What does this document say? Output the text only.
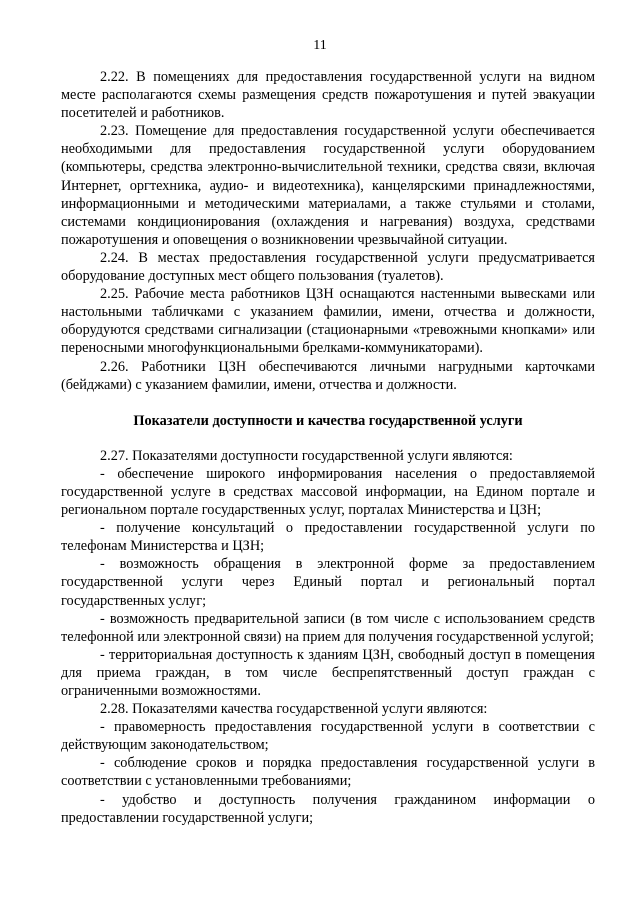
11

2.22. В помещениях для предоставления государственной услуги на видном месте располагаются схемы размещения средств пожаротушения и путей эвакуации посетителей и работников.

2.23. Помещение для предоставления государственной услуги обеспечивается необходимыми для предоставления государственной услуги оборудованием (компьютеры, средства электронно-вычислительной техники, средства связи, включая Интернет, оргтехника, аудио- и видеотехника), канцелярскими принадлежностями, информационными и методическими материалами, а также стульями и столами, системами кондиционирования (охлаждения и нагревания) воздуха, средствами пожаротушения и оповещения о возникновении чрезвычайной ситуации.

2.24. В местах предоставления государственной услуги предусматривается оборудование доступных мест общего пользования (туалетов).

2.25. Рабочие места работников ЦЗН оснащаются настенными вывесками или настольными табличками с указанием фамилии, имени, отчества и должности, оборудуются средствами сигнализации (стационарными «тревожными кнопками» или переносными многофункциональными брелками-коммуникаторами).

2.26. Работники ЦЗН обеспечиваются личными нагрудными карточками (бейджами) с указанием фамилии, имени, отчества и должности.

Показатели доступности и качества государственной услуги

2.27. Показателями доступности государственной услуги являются:

- обеспечение широкого информирования населения о предоставляемой государственной услуге в средствах массовой информации, на Едином портале и региональном портале государственных услуг, порталах Министерства и ЦЗН;

- получение консультаций о предоставлении государственной услуги по телефонам Министерства и ЦЗН;

- возможность обращения в электронной форме за предоставлением государственной услуги через Единый портал и региональный портал государственных услуг;

- возможность предварительной записи (в том числе с использованием средств телефонной или электронной связи) на прием для получения государственной услугой;

- территориальная доступность к зданиям ЦЗН, свободный доступ в помещения для приема граждан, в том числе беспрепятственный доступ граждан с ограниченными возможностями.

2.28. Показателями качества государственной услуги являются:

- правомерность предоставления государственной услуги в соответствии с действующим законодательством;

- соблюдение сроков и порядка предоставления государственной услуги в соответствии с установленными требованиями;

- удобство и доступность получения гражданином информации о предоставлении государственной услуги;
